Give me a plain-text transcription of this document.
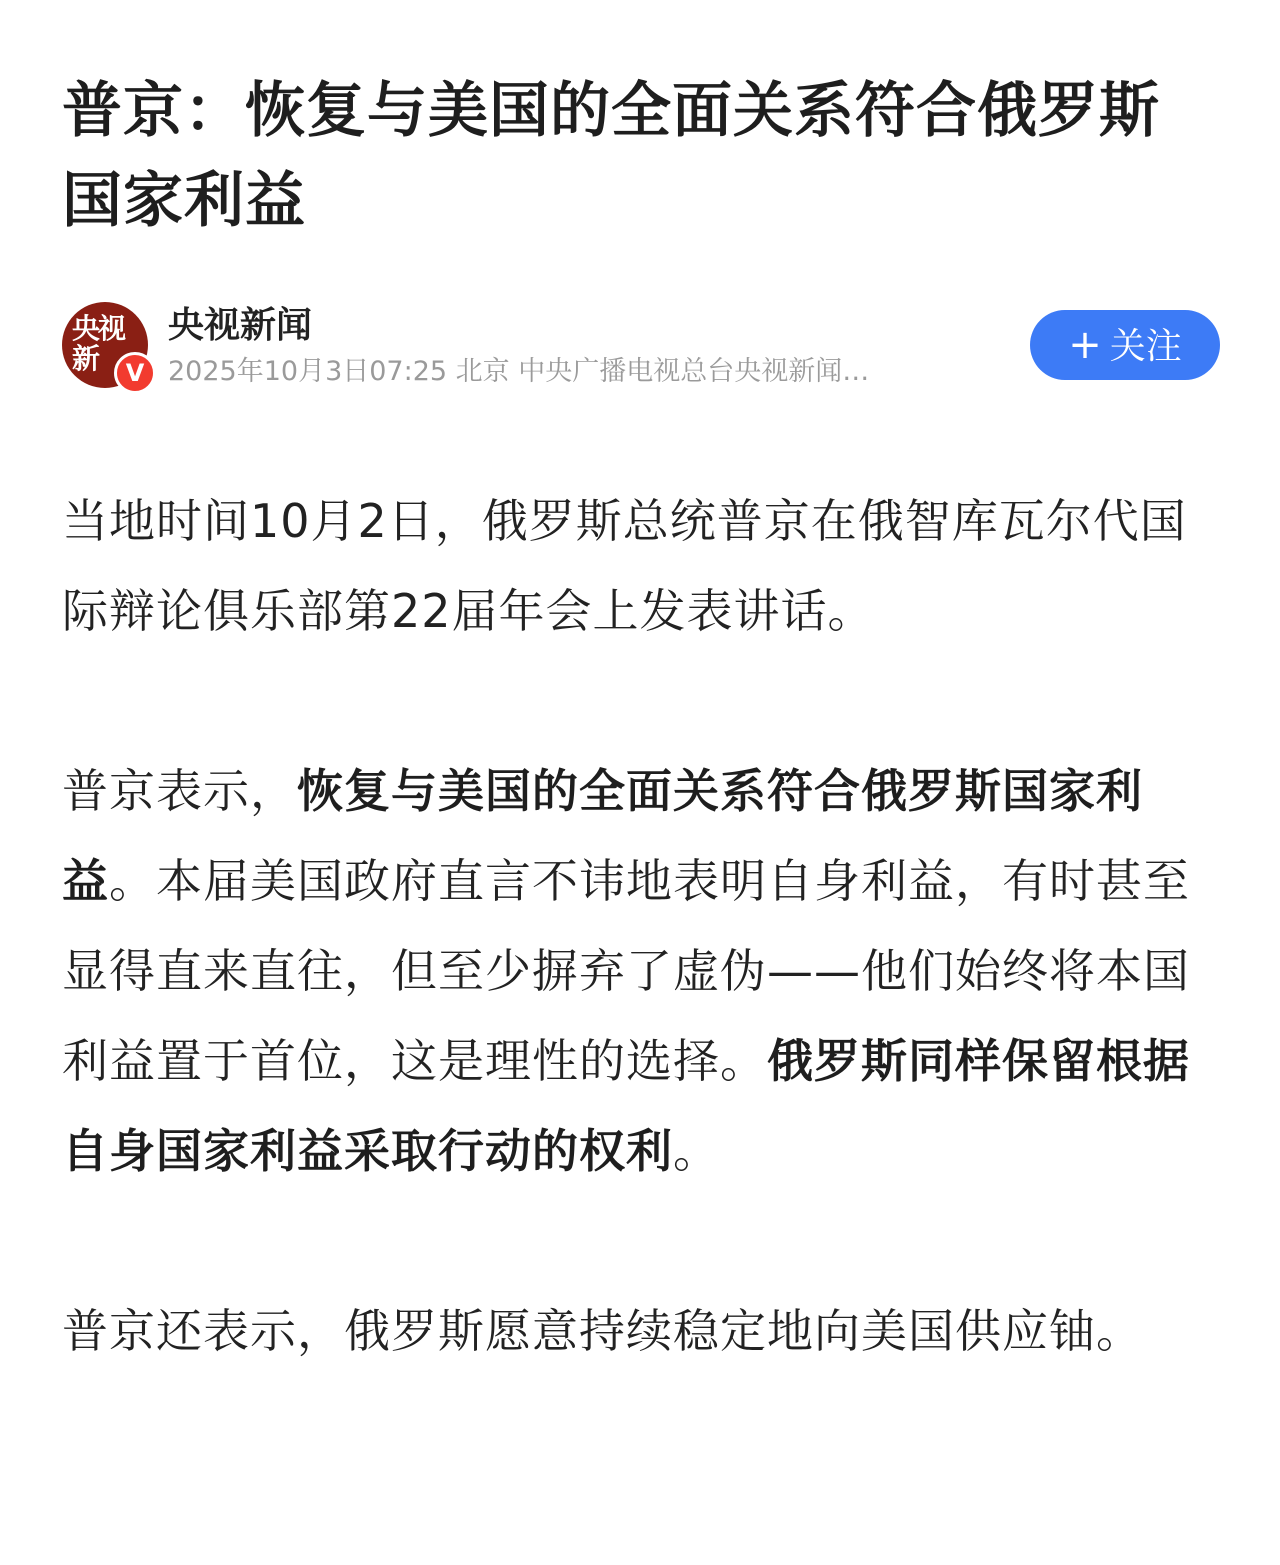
普京：恢复与美国的全面关系符合俄罗斯国家利益
央视新	V
央视新闻
2025年10月3日07:25 北京 中央广播电视总台央视新闻…
+ 关注

当地时间10月2日，俄罗斯总统普京在俄智库瓦尔代国际辩论俱乐部第22届年会上发表讲话。

普京表示，恢复与美国的全面关系符合俄罗斯国家利益。本届美国政府直言不讳地表明自身利益，有时甚至显得直来直往，但至少摒弃了虚伪——他们始终将本国利益置于首位，这是理性的选择。俄罗斯同样保留根据自身国家利益采取行动的权利。

普京还表示，俄罗斯愿意持续稳定地向美国供应铀。
